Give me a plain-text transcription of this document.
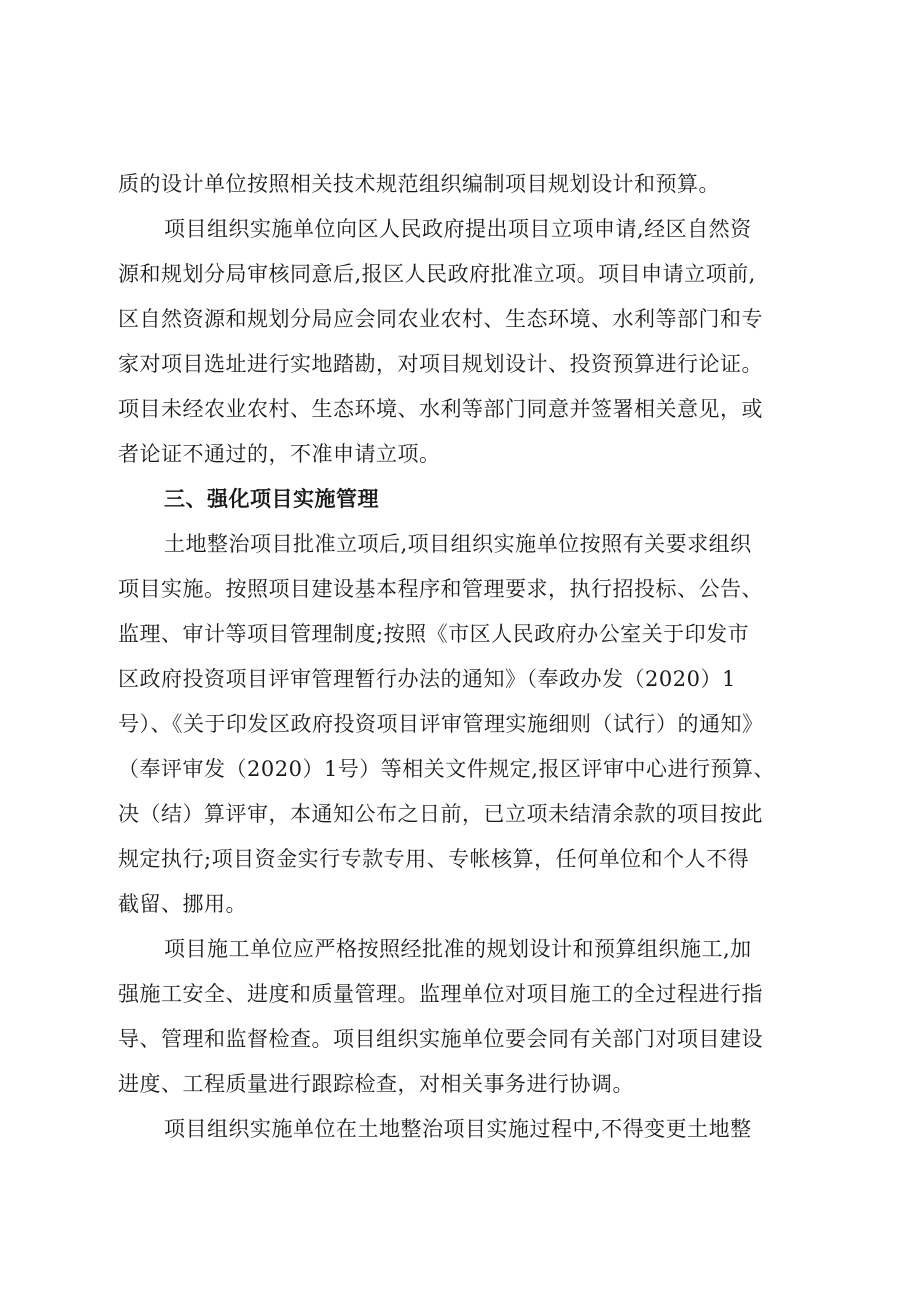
质的设计单位按照相关技术规范组织编制项目规划设计和预算。
项目组织实施单位向区人民政府提出项目立项申请,经区自然资
源和规划分局审核同意后,报区人民政府批准立项。项目申请立项前,
区自然资源和规划分局应会同农业农村、生态环境、水利等部门和专
家对项目选址进行实地踏勘，对项目规划设计、投资预算进行论证。
项目未经农业农村、生态环境、水利等部门同意并签署相关意见，或
者论证不通过的，不准申请立项。
三、强化项目实施管理
土地整治项目批准立项后,项目组织实施单位按照有关要求组织
项目实施。按照项目建设基本程序和管理要求，执行招投标、公告、
监理、审计等项目管理制度;按照《市区人民政府办公室关于印发市
区政府投资项目评审管理暂行办法的通知》（奉政办发（2020）1
号）、《关于印发区政府投资项目评审管理实施细则（试行）的通知》
（奉评审发（2020）1号）等相关文件规定,报区评审中心进行预算、
决（结）算评审，本通知公布之日前，已立项未结清余款的项目按此
规定执行;项目资金实行专款专用、专帐核算，任何单位和个人不得
截留、挪用。
项目施工单位应严格按照经批准的规划设计和预算组织施工,加
强施工安全、进度和质量管理。监理单位对项目施工的全过程进行指
导、管理和监督检查。项目组织实施单位要会同有关部门对项目建设
进度、工程质量进行跟踪检查，对相关事务进行协调。
项目组织实施单位在土地整治项目实施过程中,不得变更土地整
